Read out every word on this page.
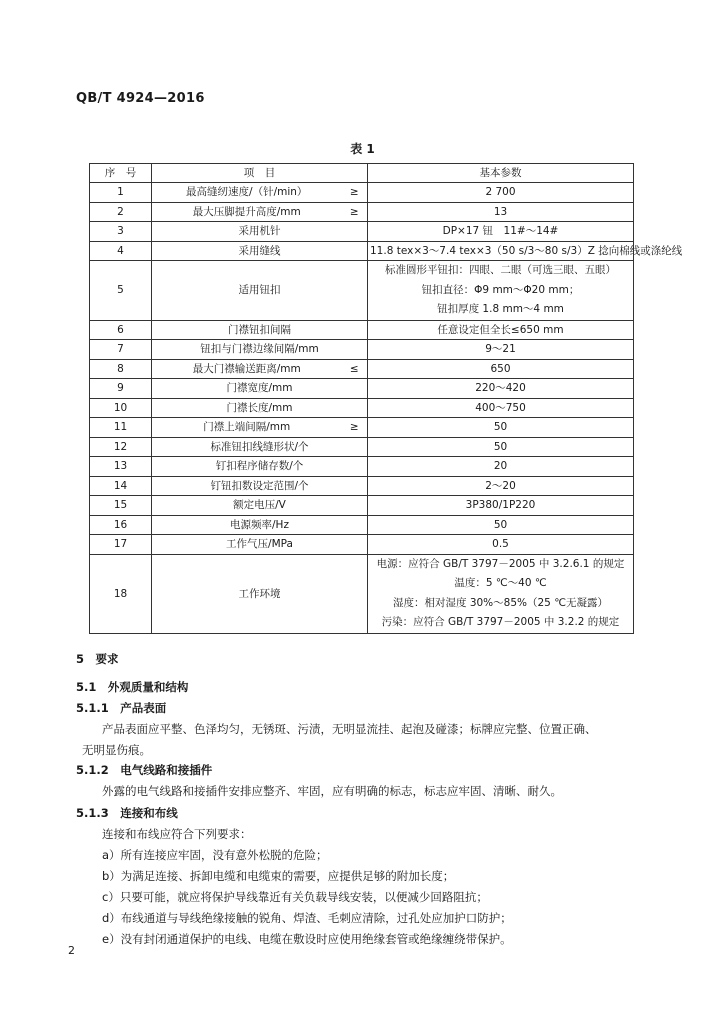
QB/T 4924—2016
表 1
序　号	项　目		基本参数
1	最高缝纫速度/（针/min）	≥	2 700
2	最大压脚提升高度/mm	≥	13
3	采用机针		DP×17 钮　11#～14#
4	采用缝线		11.8 tex×3～7.4 tex×3（50 s/3～80 s/3）Z 捻向棉线或涤纶线
5	适用钮扣		标准圆形平钮扣：四眼、二眼（可选三眼、五眼）
钮扣直径：Φ9 mm～Φ20 mm；
钮扣厚度 1.8 mm～4 mm

6	门襟钮扣间隔		任意设定但全长≤650 mm
7	钮扣与门襟边缘间隔/mm		9～21
8	最大门襟输送距离/mm	≤	650
9	门襟宽度/mm		220～420
10	门襟长度/mm		400～750
11	门襟上端间隔/mm	≥	50
12	标准钮扣线缝形状/个		50
13	钉扣程序储存数/个		20
14	钉钮扣数设定范围/个		2～20
15	额定电压/V		3P380/1P220
16	电源频率/Hz		50
17	工作气压/MPa		0.5
18	工作环境		电源：应符合 GB/T 3797－2005 中 3.2.6.1 的规定
温度：5 ℃～40 ℃
湿度：相对湿度 30%～85%（25 ℃无凝露）
污染：应符合 GB/T 3797－2005 中 3.2.2 的规定
5　 要求
5.1　 外观质量和结构
5.1.1　 产品表面
产品表面应平整、色泽均匀，无锈斑、污渍，无明显流挂、起泡及碰漆；标牌应完整、位置正确、
无明显伤痕。
5.1.2　 电气线路和接插件
外露的电气线路和接插件安排应整齐、牢固，应有明确的标志，标志应牢固、清晰、耐久。
5.1.3　 连接和布线
连接和布线应符合下列要求：
a）所有连接应牢固，没有意外松脱的危险；
b）为满足连接、拆卸电缆和电缆束的需要，应提供足够的附加长度；
c）只要可能，就应将保护导线靠近有关负载导线安装，以便减少回路阻抗；
d）布线通道与导线绝缘接触的锐角、焊渣、毛刺应清除，过孔处应加护口防护；
e）没有封闭通道保护的电线、电缆在敷设时应使用绝缘套管或绝缘缠绕带保护。
2
